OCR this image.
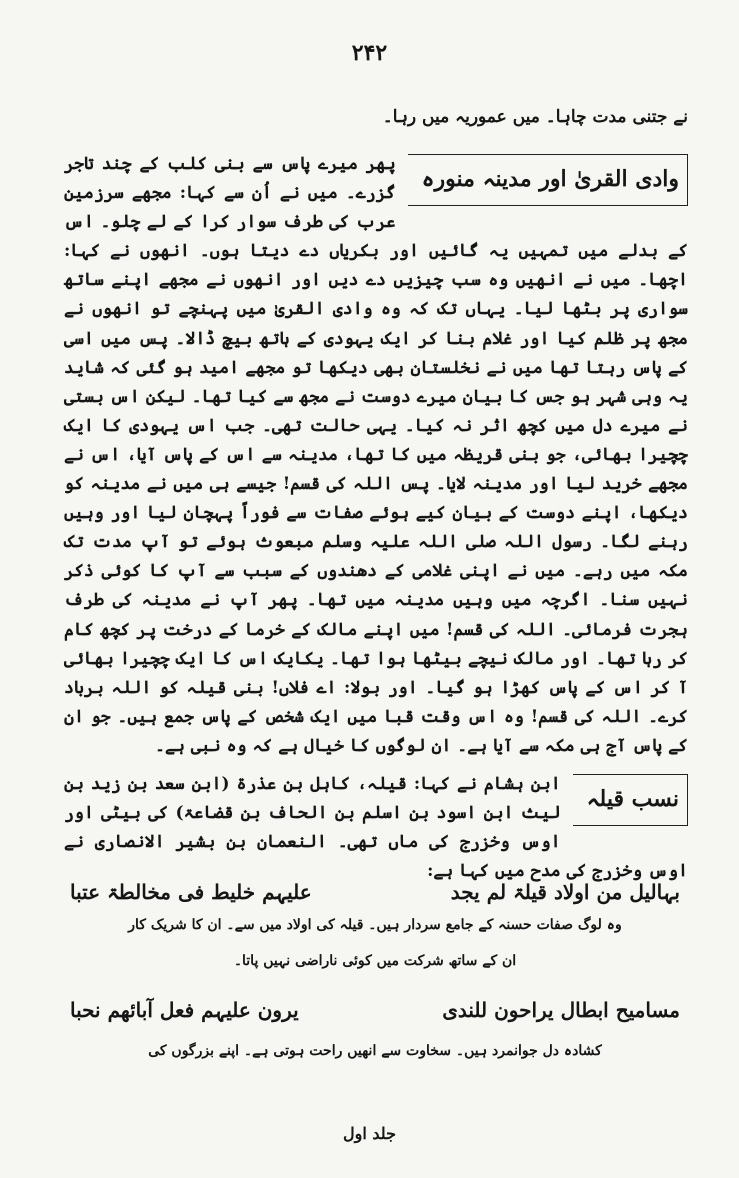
۲۴۲

نے جتنی مدت چاہا۔ میں عموریہ میں رہا۔

وادی القریٰ اور مدینہ منورہ
پھر میرے پاس سے بنی کلب کے چند تاجر گزرے۔ میں نے اُن سے کہا: مجھے سرزمین عرب کی طرف سوار کرا کے لے چلو۔ اس کے بدلے میں تمہیں یہ گائیں اور بکریاں دے دیتا ہوں۔ انھوں نے کہا: اچھا۔ میں نے انھیں وہ سب چیزیں دے دیں اور انھوں نے مجھے اپنے ساتھ سواری پر بٹھا لیا۔ یہاں تک کہ وہ وادی القریٰ میں پہنچے تو انھوں نے مجھ پر ظلم کیا اور غلام بنا کر ایک یہودی کے ہاتھ بیچ ڈالا۔ پس میں اسی کے پاس رہتا تھا میں نے نخلستان بھی دیکھا تو مجھے امید ہو گئی کہ شاید یہ وہی شہر ہو جس کا بیان میرے دوست نے مجھ سے کیا تھا۔ لیکن اس بستی نے میرے دل میں کچھ اثر نہ کیا۔ یہی حالت تھی۔ جب اس یہودی کا ایک چچیرا بھائی، جو بنی قریظہ میں کا تھا، مدینہ سے اس کے پاس آیا، اس نے مجھے خرید لیا اور مدینہ لایا۔ پس اللہ کی قسم! جیسے ہی میں نے مدینہ کو دیکھا، اپنے دوست کے بیان کیے ہوئے صفات سے فوراً پہچان لیا اور وہیں رہنے لگا۔ رسول اللہ صلی اللہ علیہ وسلم مبعوث ہوئے تو آپ مدت تک مکہ میں رہے۔ میں نے اپنی غلامی کے دھندوں کے سبب سے آپ کا کوئی ذکر نہیں سنا۔ اگرچہ میں وہیں مدینہ میں تھا۔ پھر آپ نے مدینہ کی طرف ہجرت فرمائی۔ اللہ کی قسم! میں اپنے مالک کے خرما کے درخت پر کچھ کام کر رہا تھا۔ اور مالک نیچے بیٹھا ہوا تھا۔ یکایک اس کا ایک چچیرا بھائی آ کر اس کے پاس کھڑا ہو گیا۔ اور بولا: اے فلاں! بنی قیلہ کو اللہ برباد کرے۔ اللہ کی قسم! وہ اس وقت قبا میں ایک شخص کے پاس جمع ہیں۔ جو ان کے پاس آج ہی مکہ سے آیا ہے۔ ان لوگوں کا خیال ہے کہ وہ نبی ہے۔
نسب قیلہ
ابن ہشام نے کہا: قیلہ، کاہل بن عذرۃ (ابن سعد بن زید بن لیث ابن اسود بن اسلم بن الحاف بن قضاعۃ) کی بیٹی اور اوس وخزرج کی ماں تھی۔ النعمان بن بشیر الانصاری نے اوس وخزرج کی مدح میں کہا ہے:
بہالیل من اولاد قیلۃ لم یجد
علیہم خلیط فی مخالطۃ عتبا
وہ لوگ صفات حسنہ کے جامع سردار ہیں۔ قیلہ کی اولاد میں سے۔ ان کا شریک کار
ان کے ساتھ شرکت میں کوئی ناراضی نہیں پاتا۔
مساميح ابطال يراحون للندى
يرون علیہم فعل آبائهم نحبا
کشادہ دل جوانمرد ہیں۔ سخاوت سے انھیں راحت ہوتی ہے۔ اپنے بزرگوں کی
جلد اول
